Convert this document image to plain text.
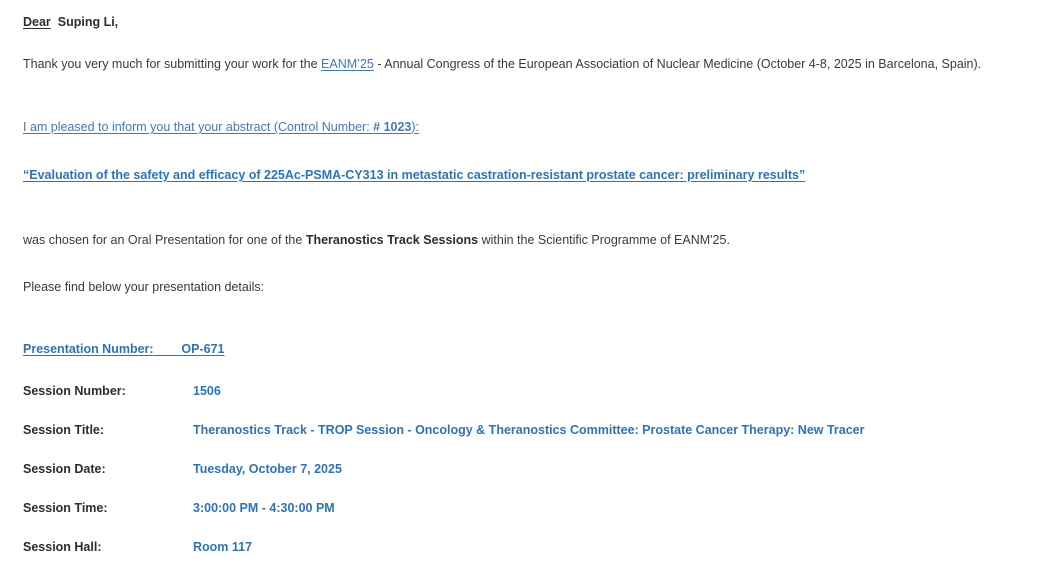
Dear  Suping Li,

Thank you very much for submitting your work for the EANM’25 - Annual Congress of the European Association of Nuclear Medicine (October 4-8, 2025 in Barcelona, Spain).

I am pleased to inform you that your abstract (Control Number: # 1023):

“Evaluation of the safety and efficacy of 225Ac-PSMA-CY313 in metastatic castration-resistant prostate cancer: preliminary results”

was chosen for an Oral Presentation for one of the Theranostics Track Sessions within the Scientific Programme of EANM'25.

Please find below your presentation details:

Presentation Number: OP-671

Session Number:	1506
Session Title:	Theranostics Track - TROP Session - Oncology & Theranostics Committee: Prostate Cancer Therapy: New Tracer
Session Date:	Tuesday, October 7, 2025
Session Time:	3:00:00 PM - 4:30:00 PM
Session Hall:	Room 117
